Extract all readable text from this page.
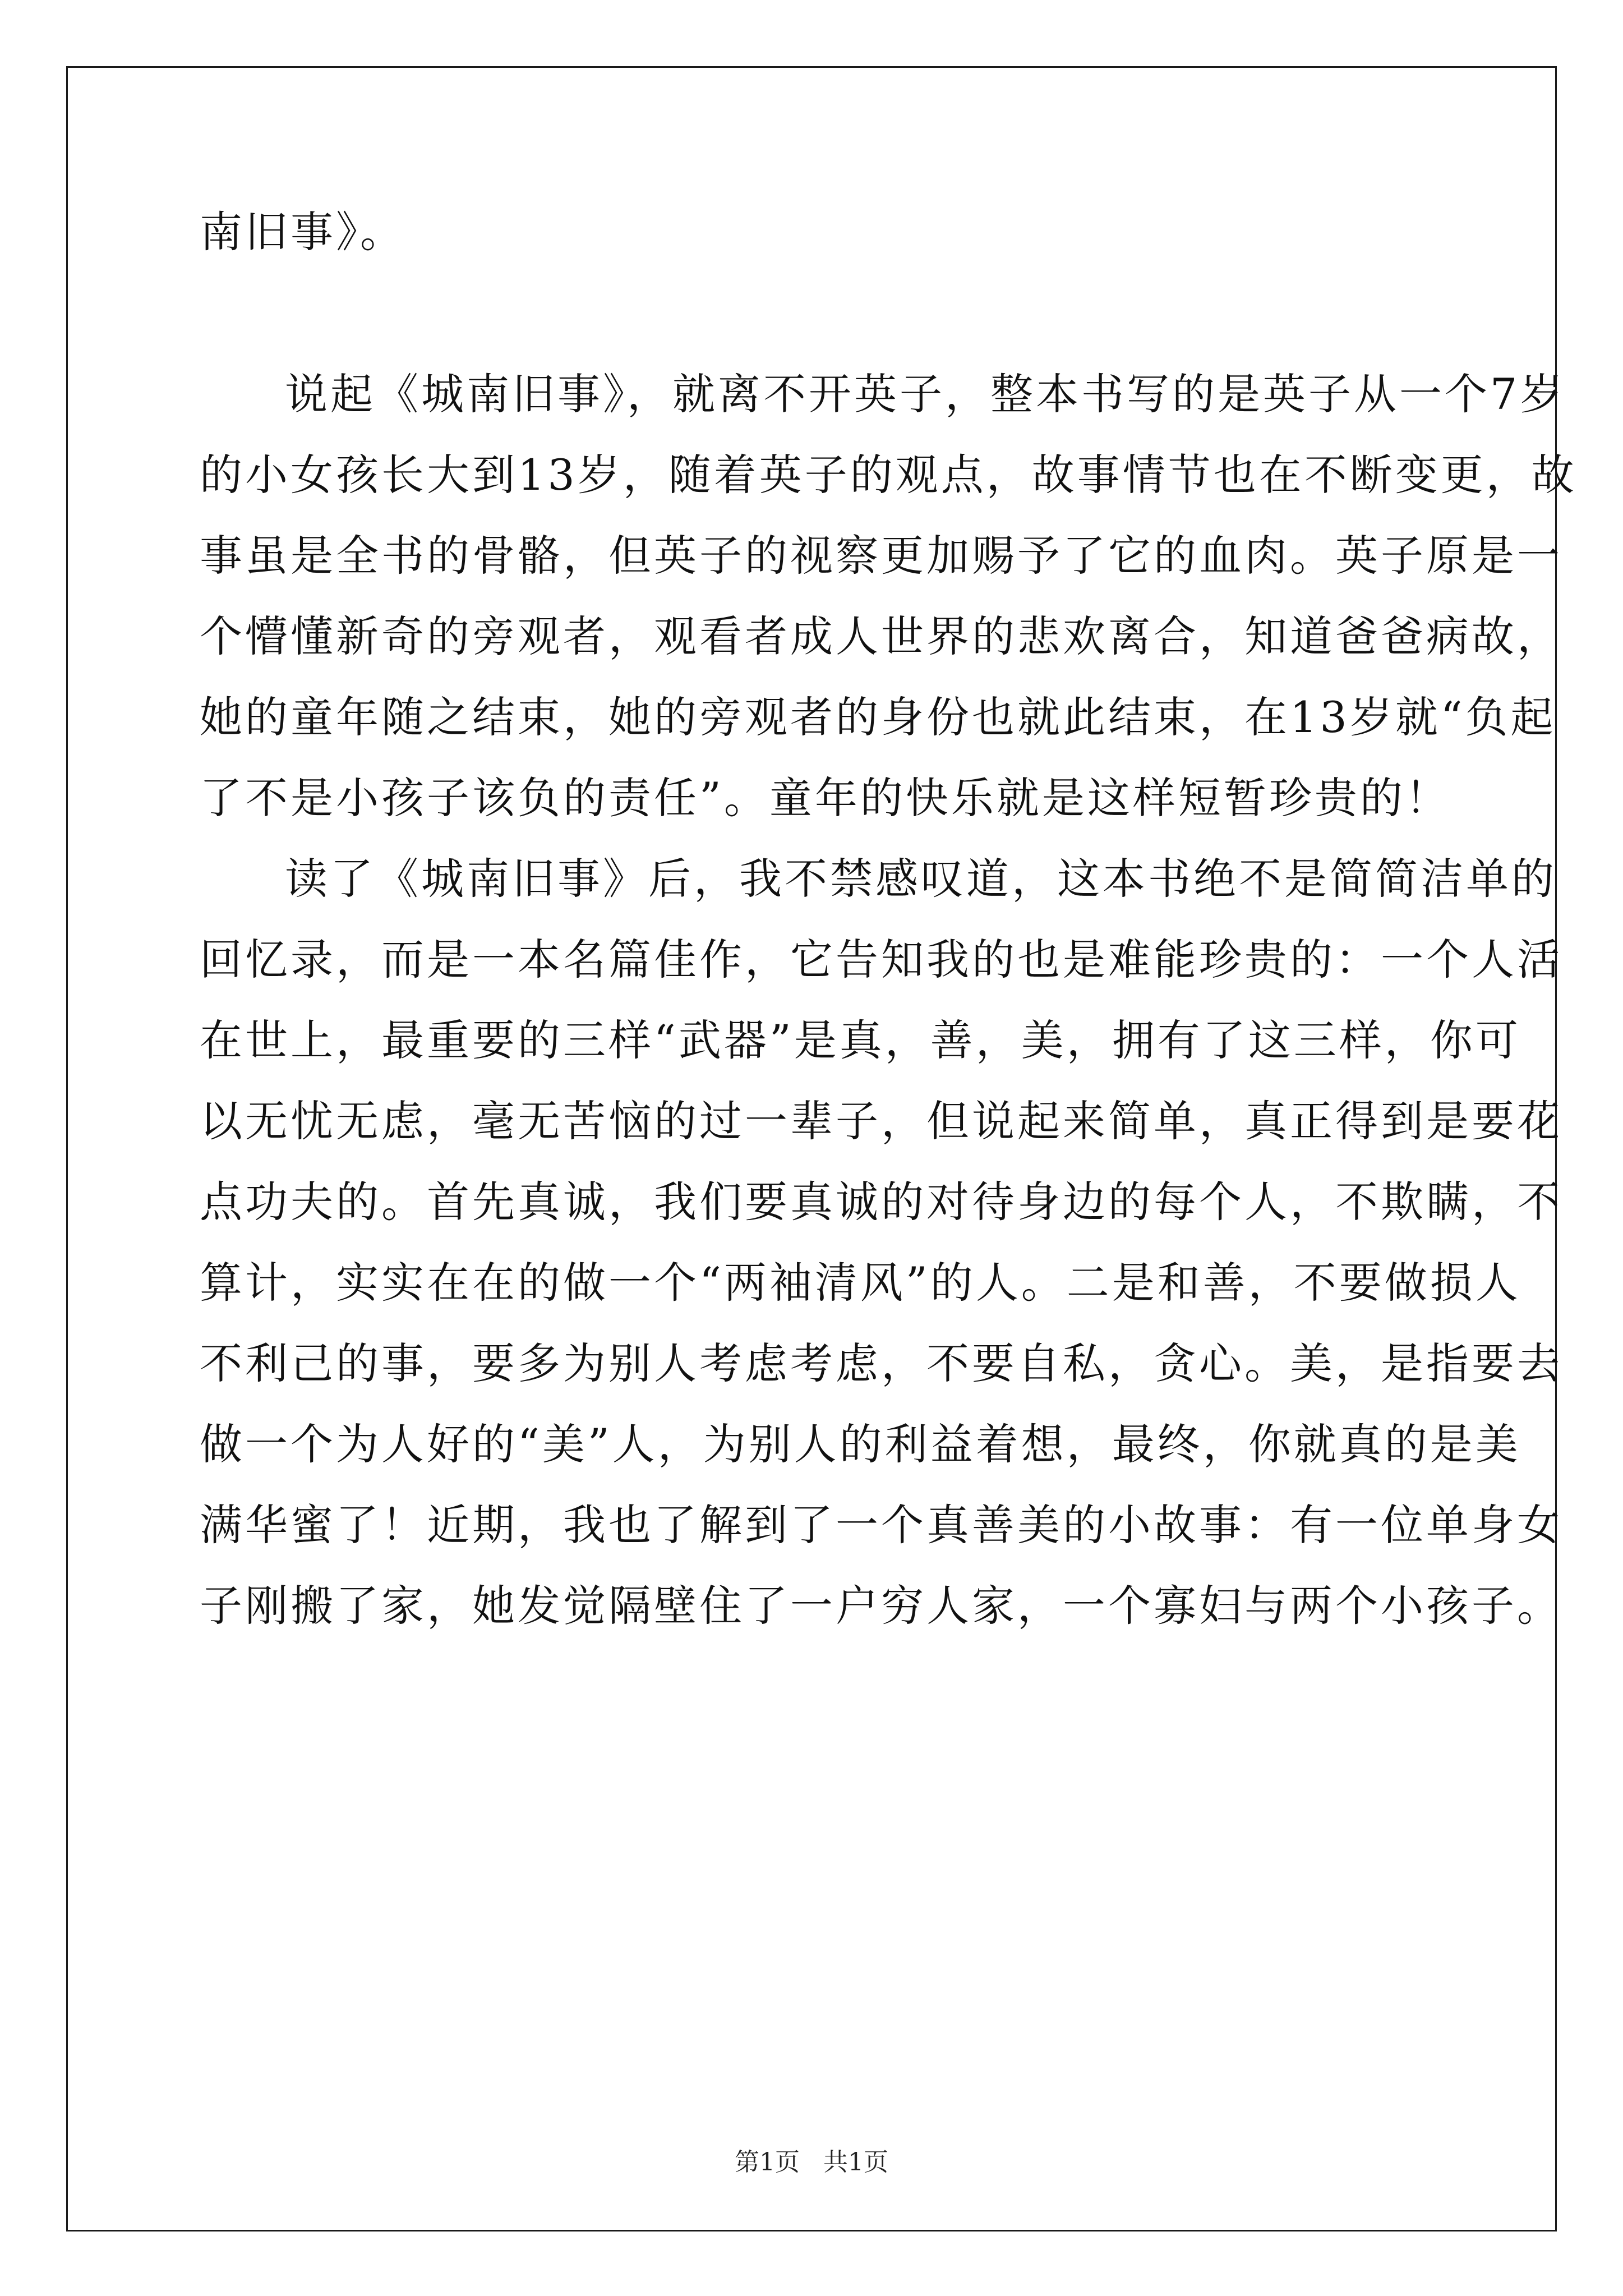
南旧事》。
说起《城南旧事》，就离不开英子，整本书写的是英子从一个7岁
的小女孩长大到13岁，随着英子的观点，故事情节也在不断变更，故
事虽是全书的骨骼，但英子的视察更加赐予了它的血肉。英子原是一
个懵懂新奇的旁观者，观看者成人世界的悲欢离合，知道爸爸病故，
她的童年随之结束，她的旁观者的身份也就此结束，在13岁就“负起
了不是小孩子该负的责任”。童年的快乐就是这样短暂珍贵的！
读了《城南旧事》后，我不禁感叹道，这本书绝不是简简洁单的
回忆录，而是一本名篇佳作，它告知我的也是难能珍贵的：一个人活
在世上，最重要的三样“武器”是真，善，美，拥有了这三样，你可
以无忧无虑，毫无苦恼的过一辈子，但说起来简单，真正得到是要花
点功夫的。首先真诚，我们要真诚的对待身边的每个人，不欺瞒，不
算计，实实在在的做一个“两袖清风”的人。二是和善，不要做损人
不利己的事，要多为别人考虑考虑，不要自私，贪心。美，是指要去
做一个为人好的“美”人，为别人的利益着想，最终，你就真的是美
满华蜜了！近期，我也了解到了一个真善美的小故事：有一位单身女
子刚搬了家，她发觉隔壁住了一户穷人家，一个寡妇与两个小孩子。
第1页   共1页
